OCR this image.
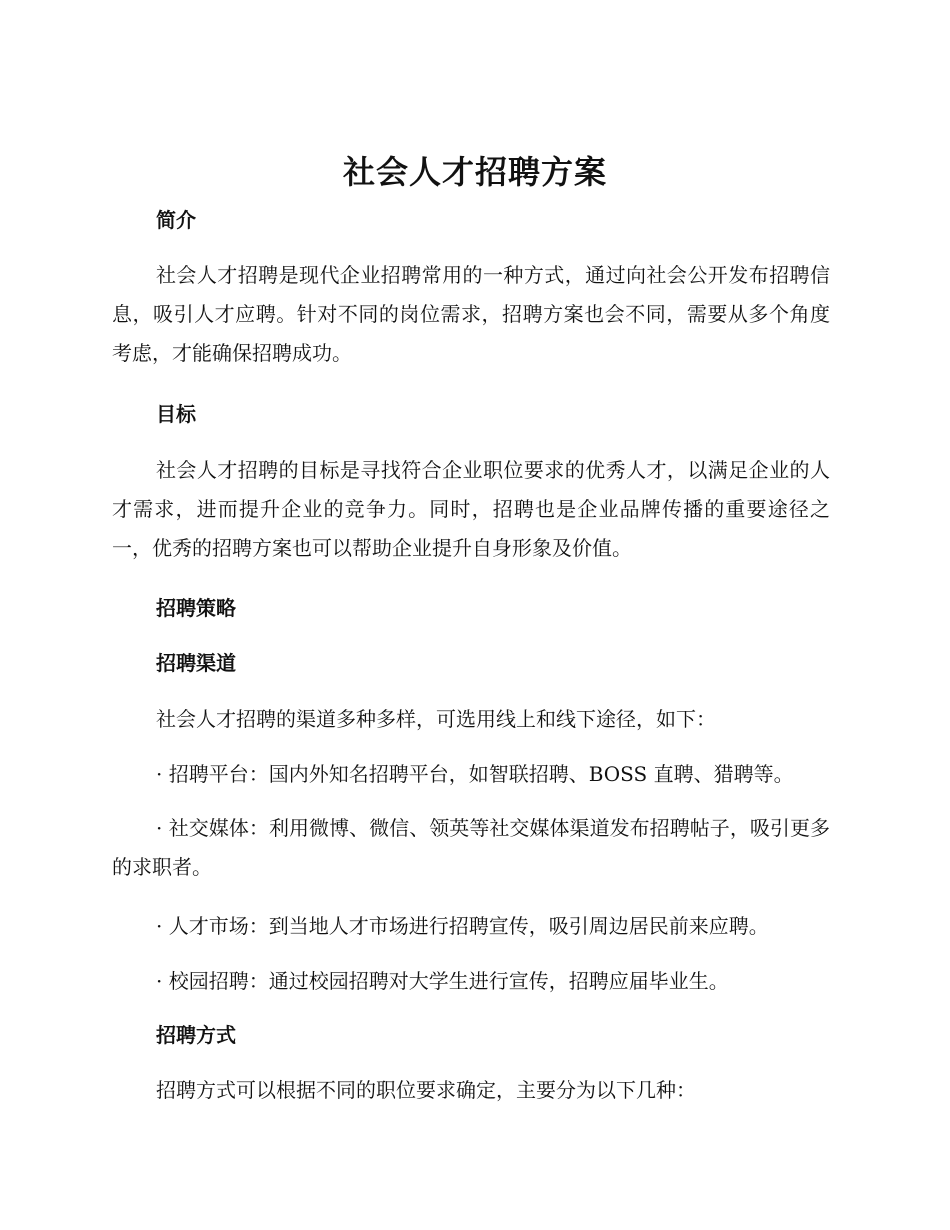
社会人才招聘方案
简介

社会人才招聘是现代企业招聘常用的一种方式，通过向社会公开发布招聘信息，吸引人才应聘。针对不同的岗位需求，招聘方案也会不同，需要从多个角度考虑，才能确保招聘成功。

目标

社会人才招聘的目标是寻找符合企业职位要求的优秀人才，以满足企业的人才需求，进而提升企业的竞争力。同时，招聘也是企业品牌传播的重要途径之一，优秀的招聘方案也可以帮助企业提升自身形象及价值。

招聘策略
招聘渠道

社会人才招聘的渠道多种多样，可选用线上和线下途径，如下：

· 招聘平台：国内外知名招聘平台，如智联招聘、BOSS 直聘、猎聘等。

· 社交媒体：利用微博、微信、领英等社交媒体渠道发布招聘帖子，吸引更多的求职者。

· 人才市场：到当地人才市场进行招聘宣传，吸引周边居民前来应聘。

· 校园招聘：通过校园招聘对大学生进行宣传，招聘应届毕业生。

招聘方式

招聘方式可以根据不同的职位要求确定，主要分为以下几种：
